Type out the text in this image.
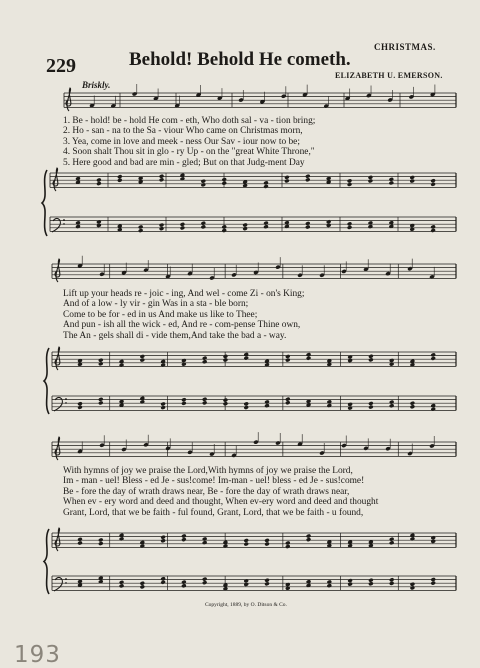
CHRISTMAS.
229	Behold! Behold He cometh.
ELIZABETH U. EMERSON.
Briskly.
1. Be - hold! be - hold He com - eth, Who doth sal - va - tion bring;
2. Ho - san - na to the Sa - viour Who came on Christmas morn,
3. Yea, come in love and meek - ness Our Sav - iour now to be;
4. Soon shalt Thou sit in glo - ry Up - on the "great White Throne,"
5. Here good and bad are min - gled; But on that Judg-ment Day
Lift up your heads re - joic - ing, And wel - come Zi - on's King;
And of a low - ly vir - gin Was in a sta - ble born;
Come to be for - ed in us And make us like to Thee;
And pun - ish all the wick - ed, And re - com-pense Thine own,
The An - gels shall di - vide them,And take the bad a - way.
With hymns of joy we praise the Lord,With hymns of joy we praise the Lord,
Im - man - uel! Bless - ed Je - sus!come! Im-man - uel! bless - ed Je - sus!come!
Be - fore the day of wrath draws near, Be - fore the day of wrath draws near,
When ev - ery word and deed and thought, When ev-ery word and deed and thought
Grant, Lord, that we be faith - ful found, Grant, Lord, that we be faith - u found,
Copyright, 1889, by O. Ditson & Co.
193
